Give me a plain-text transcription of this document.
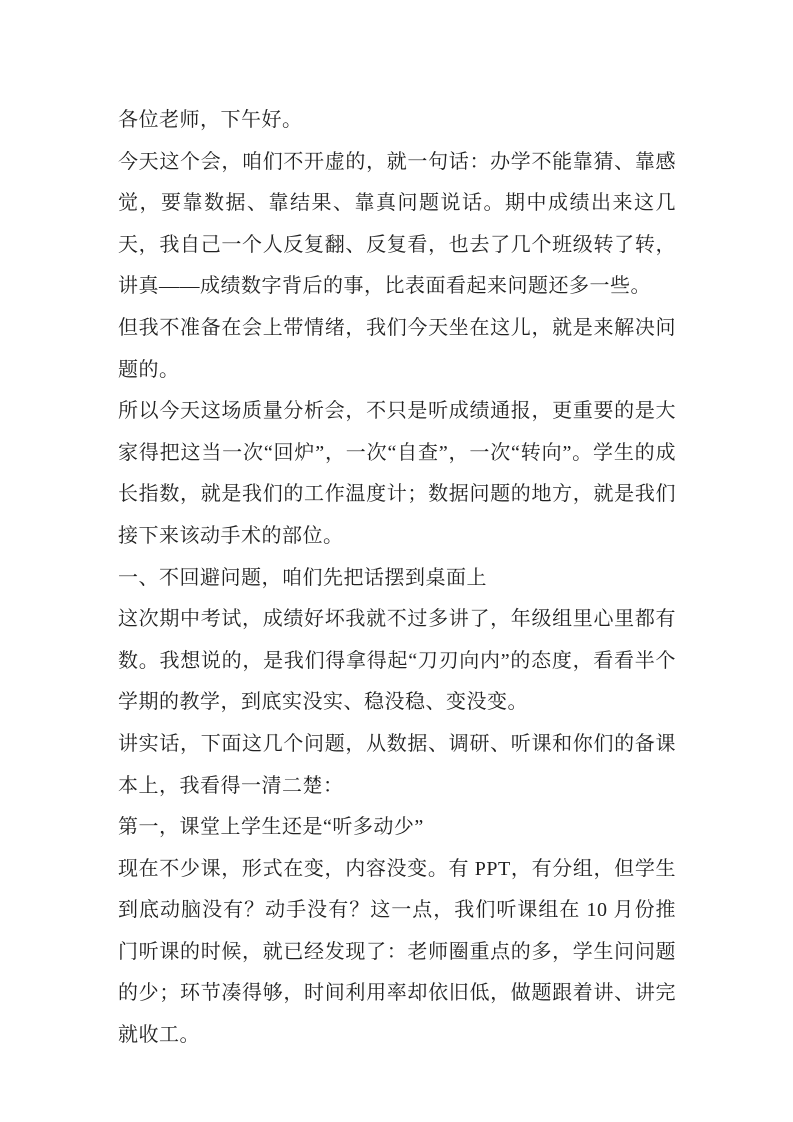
各位老师，下午好。

今天这个会，咱们不开虚的，就一句话：办学不能靠猜、靠感觉，要靠数据、靠结果、靠真问题说话。期中成绩出来这几天，我自己一个人反复翻、反复看，也去了几个班级转了转，讲真——成绩数字背后的事，比表面看起来问题还多一些。

但我不准备在会上带情绪，我们今天坐在这儿，就是来解决问题的。

所以今天这场质量分析会，不只是听成绩通报，更重要的是大家得把这当一次“回炉”，一次“自查”，一次“转向”。学生的成长指数，就是我们的工作温度计；数据问题的地方，就是我们接下来该动手术的部位。

一、不回避问题，咱们先把话摆到桌面上

这次期中考试，成绩好坏我就不过多讲了，年级组里心里都有数。我想说的，是我们得拿得起“刀刃向内”的态度，看看半个学期的教学，到底实没实、稳没稳、变没变。

讲实话，下面这几个问题，从数据、调研、听课和你们的备课本上，我看得一清二楚：

第一，课堂上学生还是“听多动少”

现在不少课，形式在变，内容没变。有 PPT，有分组，但学生到底动脑没有？动手没有？这一点，我们听课组在 10 月份推门听课的时候，就已经发现了：老师圈重点的多，学生问问题的少；环节凑得够，时间利用率却依旧低，做题跟着讲、讲完就收工。
